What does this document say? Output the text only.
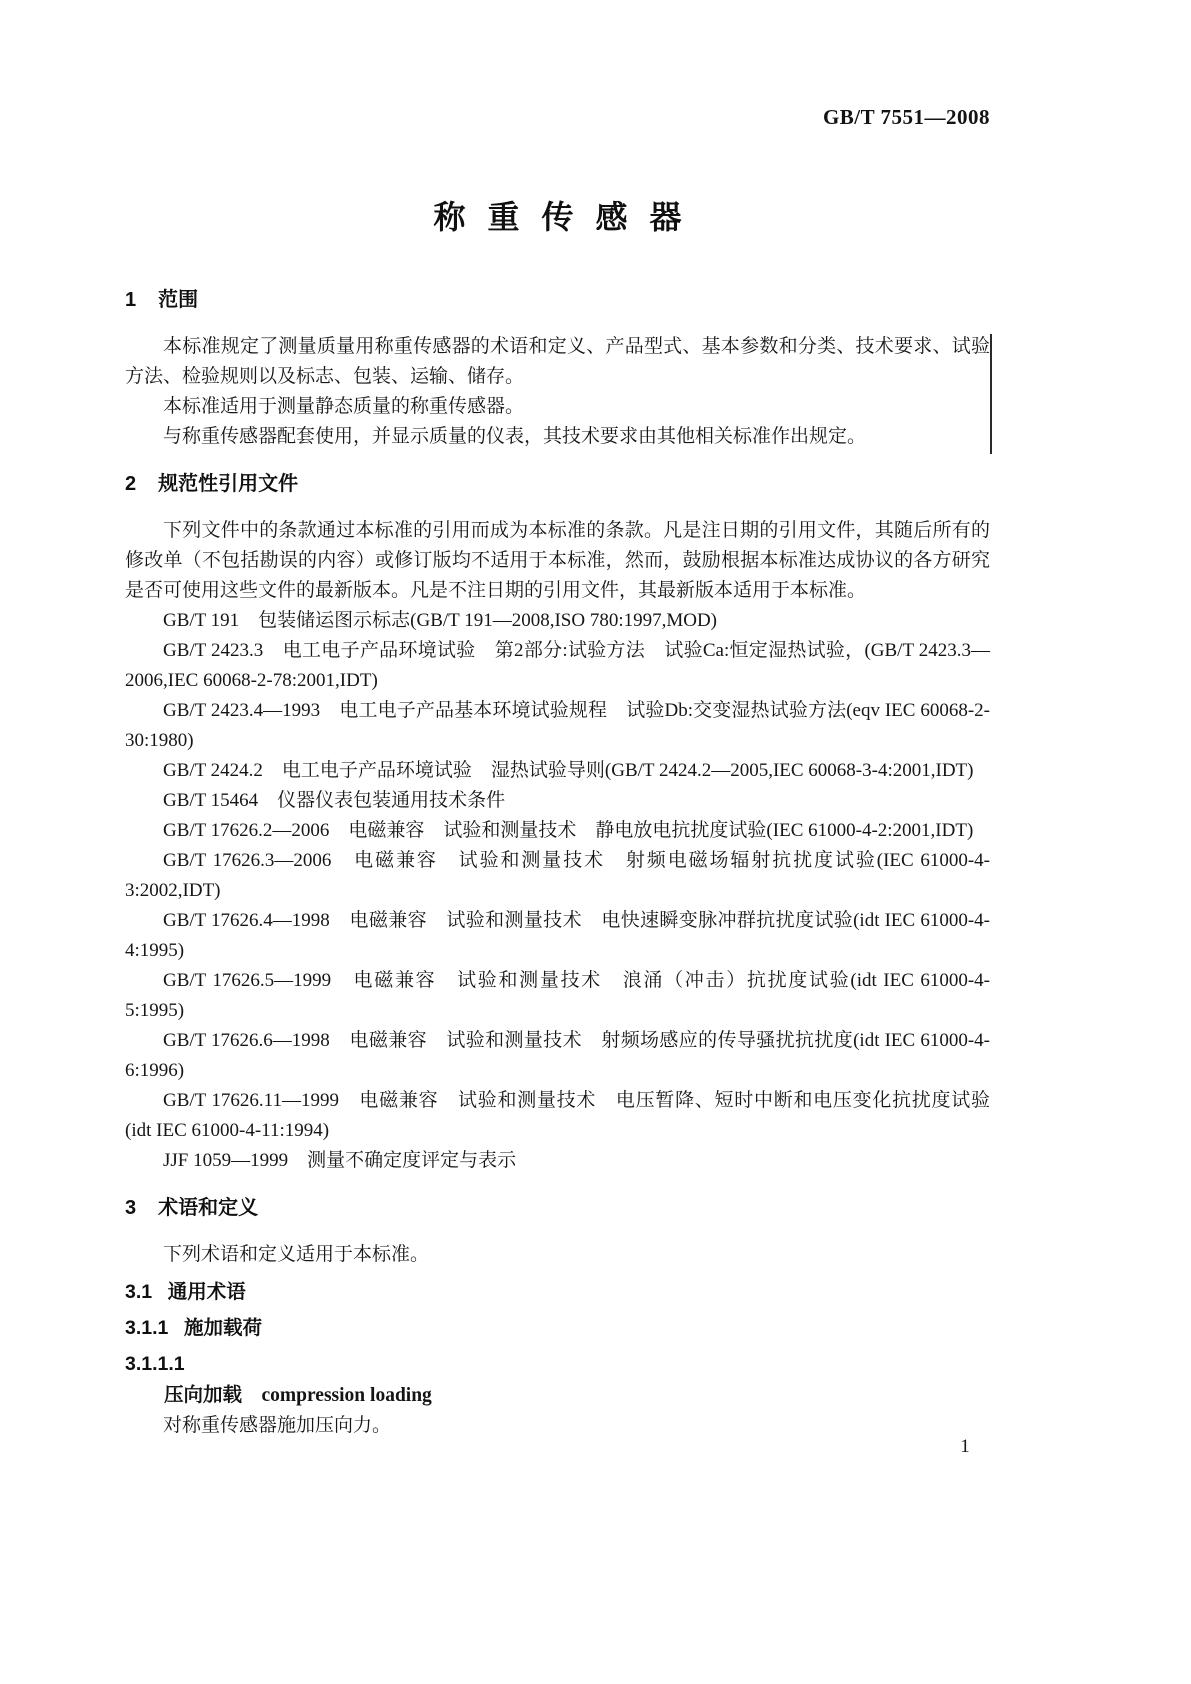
GB/T 7551—2008
称重传感器
1 范围

本标准规定了测量质量用称重传感器的术语和定义、产品型式、基本参数和分类、技术要求、试验方法、检验规则以及标志、包装、运输、储存。

本标准适用于测量静态质量的称重传感器。

与称重传感器配套使用，并显示质量的仪表，其技术要求由其他相关标准作出规定。

2 规范性引用文件

下列文件中的条款通过本标准的引用而成为本标准的条款。凡是注日期的引用文件，其随后所有的修改单（不包括勘误的内容）或修订版均不适用于本标准，然而，鼓励根据本标准达成协议的各方研究是否可使用这些文件的最新版本。凡是不注日期的引用文件，其最新版本适用于本标准。

GB/T 191　包装储运图示标志(GB/T 191—2008,ISO 780:1997,MOD)

GB/T 2423.3　电工电子产品环境试验　第2部分:试验方法　试验Ca:恒定湿热试验，(GB/T 2423.3—2006,IEC 60068-2-78:2001,IDT)

GB/T 2423.4—1993　电工电子产品基本环境试验规程　试验Db:交变湿热试验方法(eqv IEC 60068-2-30:1980)

GB/T 2424.2　电工电子产品环境试验　湿热试验导则(GB/T 2424.2—2005,IEC 60068-3-4:2001,IDT)

GB/T 15464　仪器仪表包装通用技术条件

GB/T 17626.2—2006　电磁兼容　试验和测量技术　静电放电抗扰度试验(IEC 61000-4-2:2001,IDT)

GB/T 17626.3—2006　电磁兼容　试验和测量技术　射频电磁场辐射抗扰度试验(IEC 61000-4-3:2002,IDT)

GB/T 17626.4—1998　电磁兼容　试验和测量技术　电快速瞬变脉冲群抗扰度试验(idt IEC 61000-4-4:1995)

GB/T 17626.5—1999　电磁兼容　试验和测量技术　浪涌（冲击）抗扰度试验(idt IEC 61000-4-5:1995)

GB/T 17626.6—1998　电磁兼容　试验和测量技术　射频场感应的传导骚扰抗扰度(idt IEC 61000-4-6:1996)

GB/T 17626.11—1999　电磁兼容　试验和测量技术　电压暂降、短时中断和电压变化抗扰度试验(idt IEC 61000-4-11:1994)

JJF 1059—1999　测量不确定度评定与表示

3 术语和定义

下列术语和定义适用于本标准。

3.1 通用术语
3.1.1 施加载荷
3.1.1.1

压向加载 compression loading

对称重传感器施加压向力。

1
